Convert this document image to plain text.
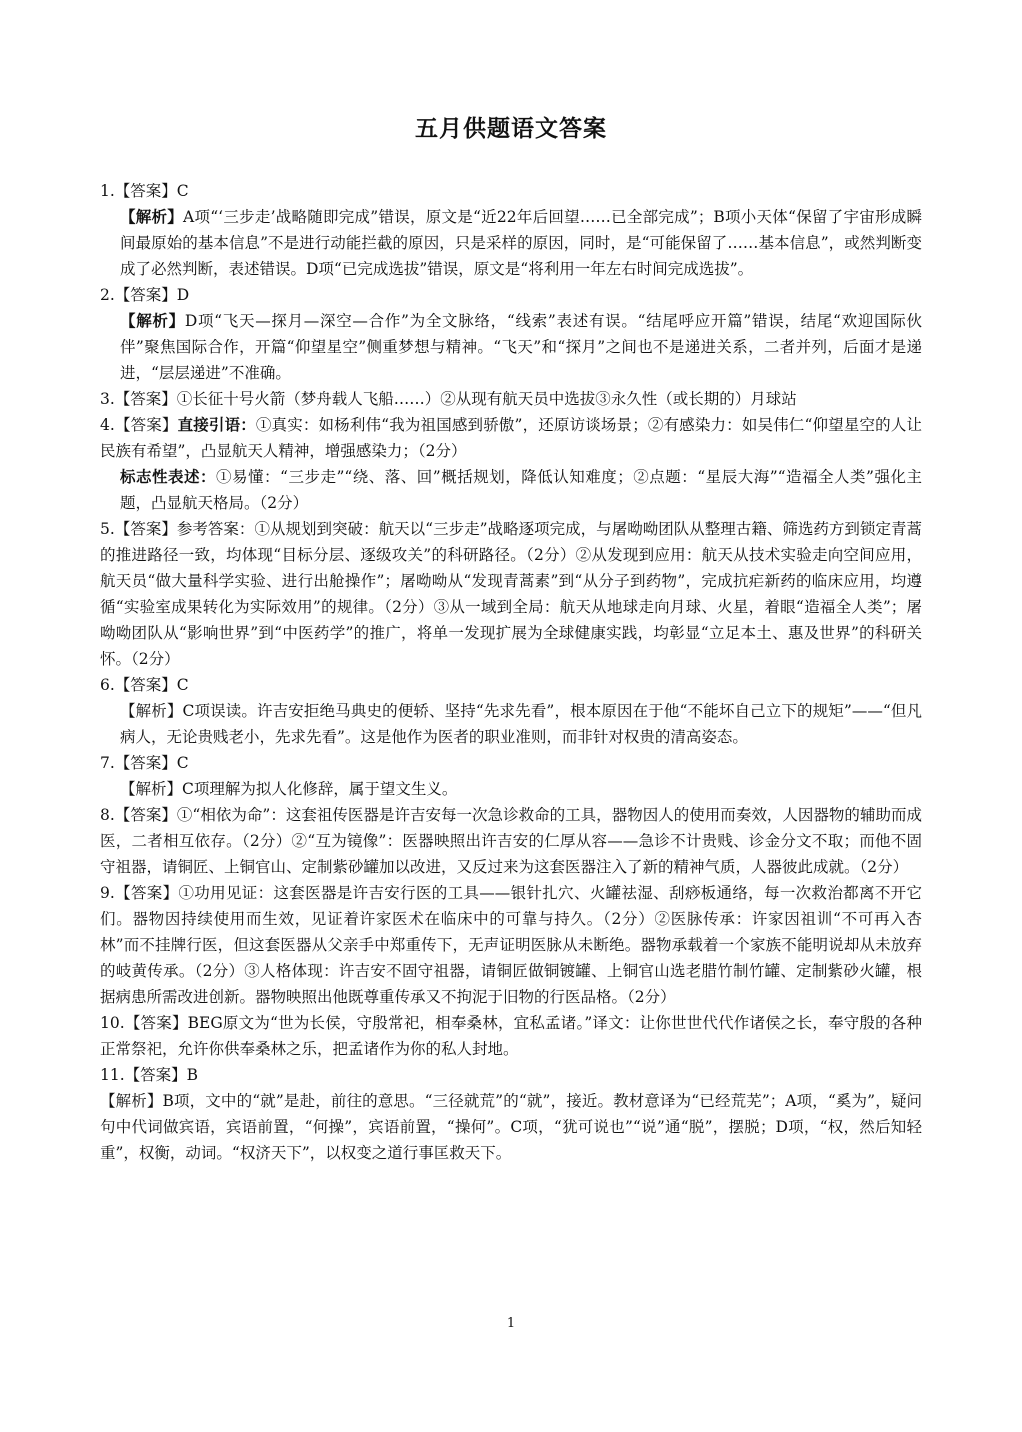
五月供题语文答案

1.【答案】C

【解析】A项“‘三步走’战略随即完成”错误，原文是“近22年后回望……已全部完成”；B项小天体“保留了宇宙形成瞬间最原始的基本信息”不是进行动能拦截的原因，只是采样的原因，同时，是“可能保留了……基本信息”，或然判断变成了必然判断，表述错误。D项“已完成选拔”错误，原文是“将利用一年左右时间完成选拔”。

2.【答案】D

【解析】D项“飞天—探月—深空—合作”为全文脉络，“线索”表述有误。“结尾呼应开篇”错误，结尾“欢迎国际伙伴”聚焦国际合作，开篇“仰望星空”侧重梦想与精神。“飞天”和“探月”之间也不是递进关系，二者并列，后面才是递进，“层层递进”不准确。

3.【答案】①长征十号火箭（梦舟载人飞船……）②从现有航天员中选拔③永久性（或长期的）月球站

4.【答案】直接引语：①真实：如杨利伟“我为祖国感到骄傲”，还原访谈场景；②有感染力：如吴伟仁“仰望星空的人让民族有希望”，凸显航天人精神，增强感染力；（2分）

标志性表述：①易懂：“三步走”“绕、落、回”概括规划，降低认知难度；②点题：“星辰大海”“造福全人类”强化主题，凸显航天格局。（2分）

5.【答案】参考答案：①从规划到突破：航天以“三步走”战略逐项完成，与屠呦呦团队从整理古籍、筛选药方到锁定青蒿的推进路径一致，均体现“目标分层、逐级攻关”的科研路径。（2分）②从发现到应用：航天从技术实验走向空间应用，航天员“做大量科学实验、进行出舱操作”；屠呦呦从“发现青蒿素”到“从分子到药物”，完成抗疟新药的临床应用，均遵循“实验室成果转化为实际效用”的规律。（2分）③从一域到全局：航天从地球走向月球、火星，着眼“造福全人类”；屠呦呦团队从“影响世界”到“中医药学”的推广，将单一发现扩展为全球健康实践，均彰显“立足本土、惠及世界”的科研关怀。（2分）

6.【答案】C

【解析】C项误读。许吉安拒绝马典史的便轿、坚持“先求先看”，根本原因在于他“不能坏自己立下的规矩”——“但凡病人，无论贵贱老小，先求先看”。这是他作为医者的职业准则，而非针对权贵的清高姿态。

7.【答案】C

【解析】C项理解为拟人化修辞，属于望文生义。

8.【答案】①“相依为命”：这套祖传医器是许吉安每一次急诊救命的工具，器物因人的使用而奏效，人因器物的辅助而成医，二者相互依存。（2分）②“互为镜像”：医器映照出许吉安的仁厚从容——急诊不计贵贱、诊金分文不取；而他不固守祖器，请铜匠、上铜官山、定制紫砂罐加以改进，又反过来为这套医器注入了新的精神气质，人器彼此成就。（2分）

9.【答案】①功用见证：这套医器是许吉安行医的工具——银针扎穴、火罐祛湿、刮痧板通络，每一次救治都离不开它们。器物因持续使用而生效，见证着许家医术在临床中的可靠与持久。（2分）②医脉传承：许家因祖训“不可再入杏林”而不挂牌行医，但这套医器从父亲手中郑重传下，无声证明医脉从未断绝。器物承载着一个家族不能明说却从未放弃的岐黄传承。（2分）③人格体现：许吉安不固守祖器，请铜匠做铜镀罐、上铜官山选老腊竹制竹罐、定制紫砂火罐，根据病患所需改进创新。器物映照出他既尊重传承又不拘泥于旧物的行医品格。（2分）

10.【答案】BEG原文为“世为长侯，守殷常祀，相奉桑林，宜私孟诸。”译文：让你世世代代作诸侯之长，奉守殷的各种正常祭祀，允许你供奉桑林之乐，把孟诸作为你的私人封地。

11.【答案】B

【解析】B项，文中的“就”是赴，前往的意思。“三径就荒”的“就”，接近。教材意译为“已经荒芜”；A项，“奚为”，疑问句中代词做宾语，宾语前置，“何操”，宾语前置，“操何”。C项，“犹可说也”“说”通“脱”，摆脱；D项，“权，然后知轻重”，权衡，动词。“权济天下”，以权变之道行事匡救天下。

1
